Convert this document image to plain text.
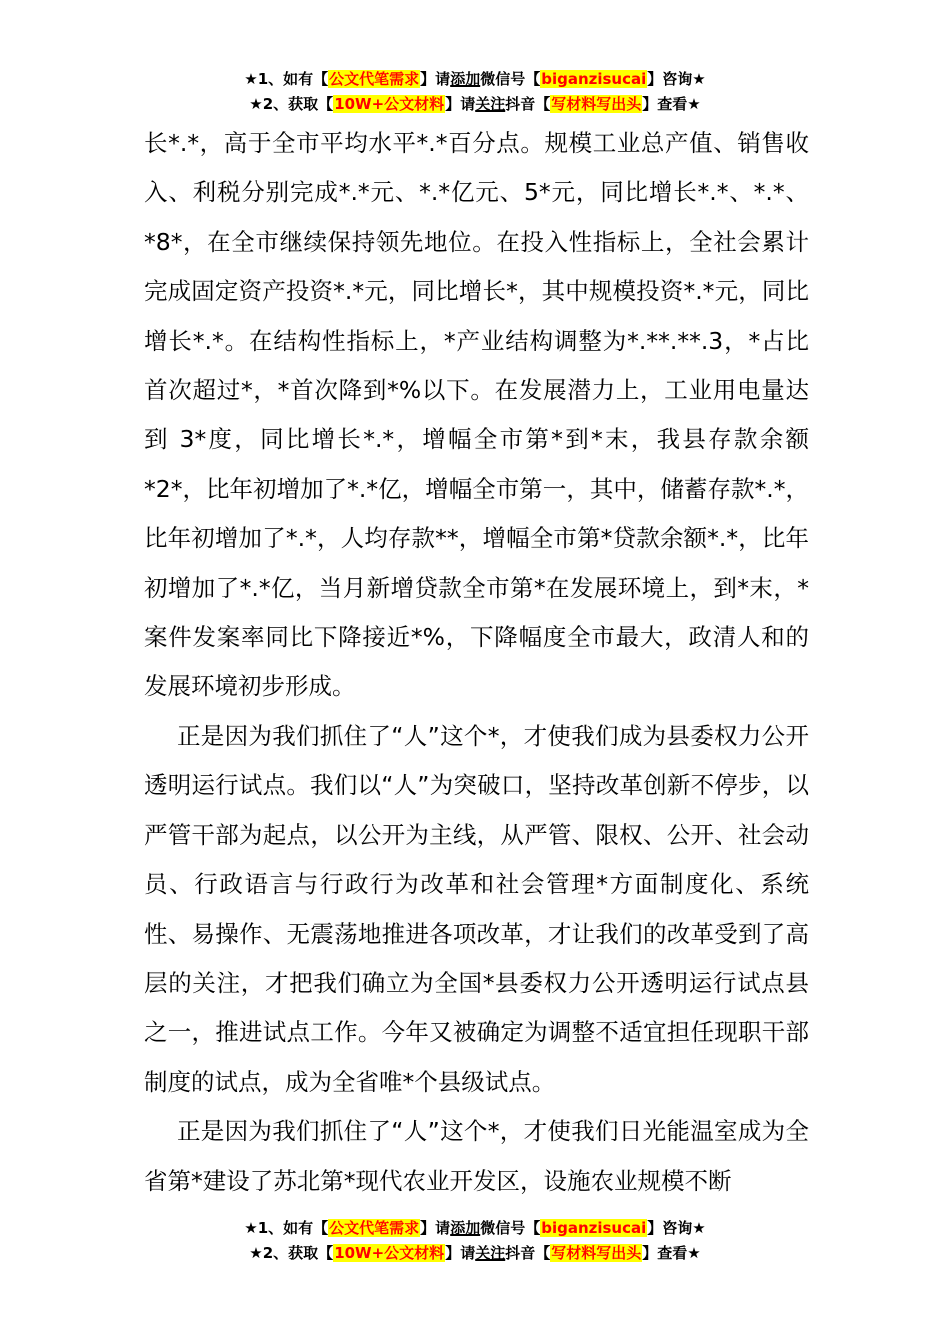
★1、如有【公文代笔需求】请添加微信号【biganzisucai】咨询★
★2、获取【10W+公文材料】请关注抖音【写材料写出头】查看★

长*.*，高于全市平均水平*.*百分点。规模工业总产值、销售收入、利税分别完成*.*元、*.*亿元、5*元，同比增长*.*、*.*、*8*，在全市继续保持领先地位。在投入性指标上，全社会累计完成固定资产投资*.*元，同比增长*，其中规模投资*.*元，同比增长*.*。在结构性指标上，*产业结构调整为*.**.**.3，*占比首次超过*，*首次降到*%以下。在发展潜力上，工业用电量达到 3*度，同比增长*.*，增幅全市第*到*末，我县存款余额*2*，比年初增加了*.*亿，增幅全市第一，其中，储蓄存款*.*，比年初增加了*.*，人均存款**，增幅全市第*贷款余额*.*，比年初增加了*.*亿，当月新增贷款全市第*在发展环境上，到*末，*案件发案率同比下降接近*%，下降幅度全市最大，政清人和的发展环境初步形成。

正是因为我们抓住了“人”这个*，才使我们成为县委权力公开透明运行试点。我们以“人”为突破口，坚持改革创新不停步，以严管干部为起点，以公开为主线，从严管、限权、公开、社会动员、行政语言与行政行为改革和社会管理*方面制度化、系统性、易操作、无震荡地推进各项改革，才让我们的改革受到了高层的关注，才把我们确立为全国*县委权力公开透明运行试点县之一，推进试点工作。今年又被确定为调整不适宜担任现职干部制度的试点，成为全省唯*个县级试点。

正是因为我们抓住了“人”这个*，才使我们日光能温室成为全省第*建设了苏北第*现代农业开发区，设施农业规模不断

★1、如有【公文代笔需求】请添加微信号【biganzisucai】咨询★
★2、获取【10W+公文材料】请关注抖音【写材料写出头】查看★
